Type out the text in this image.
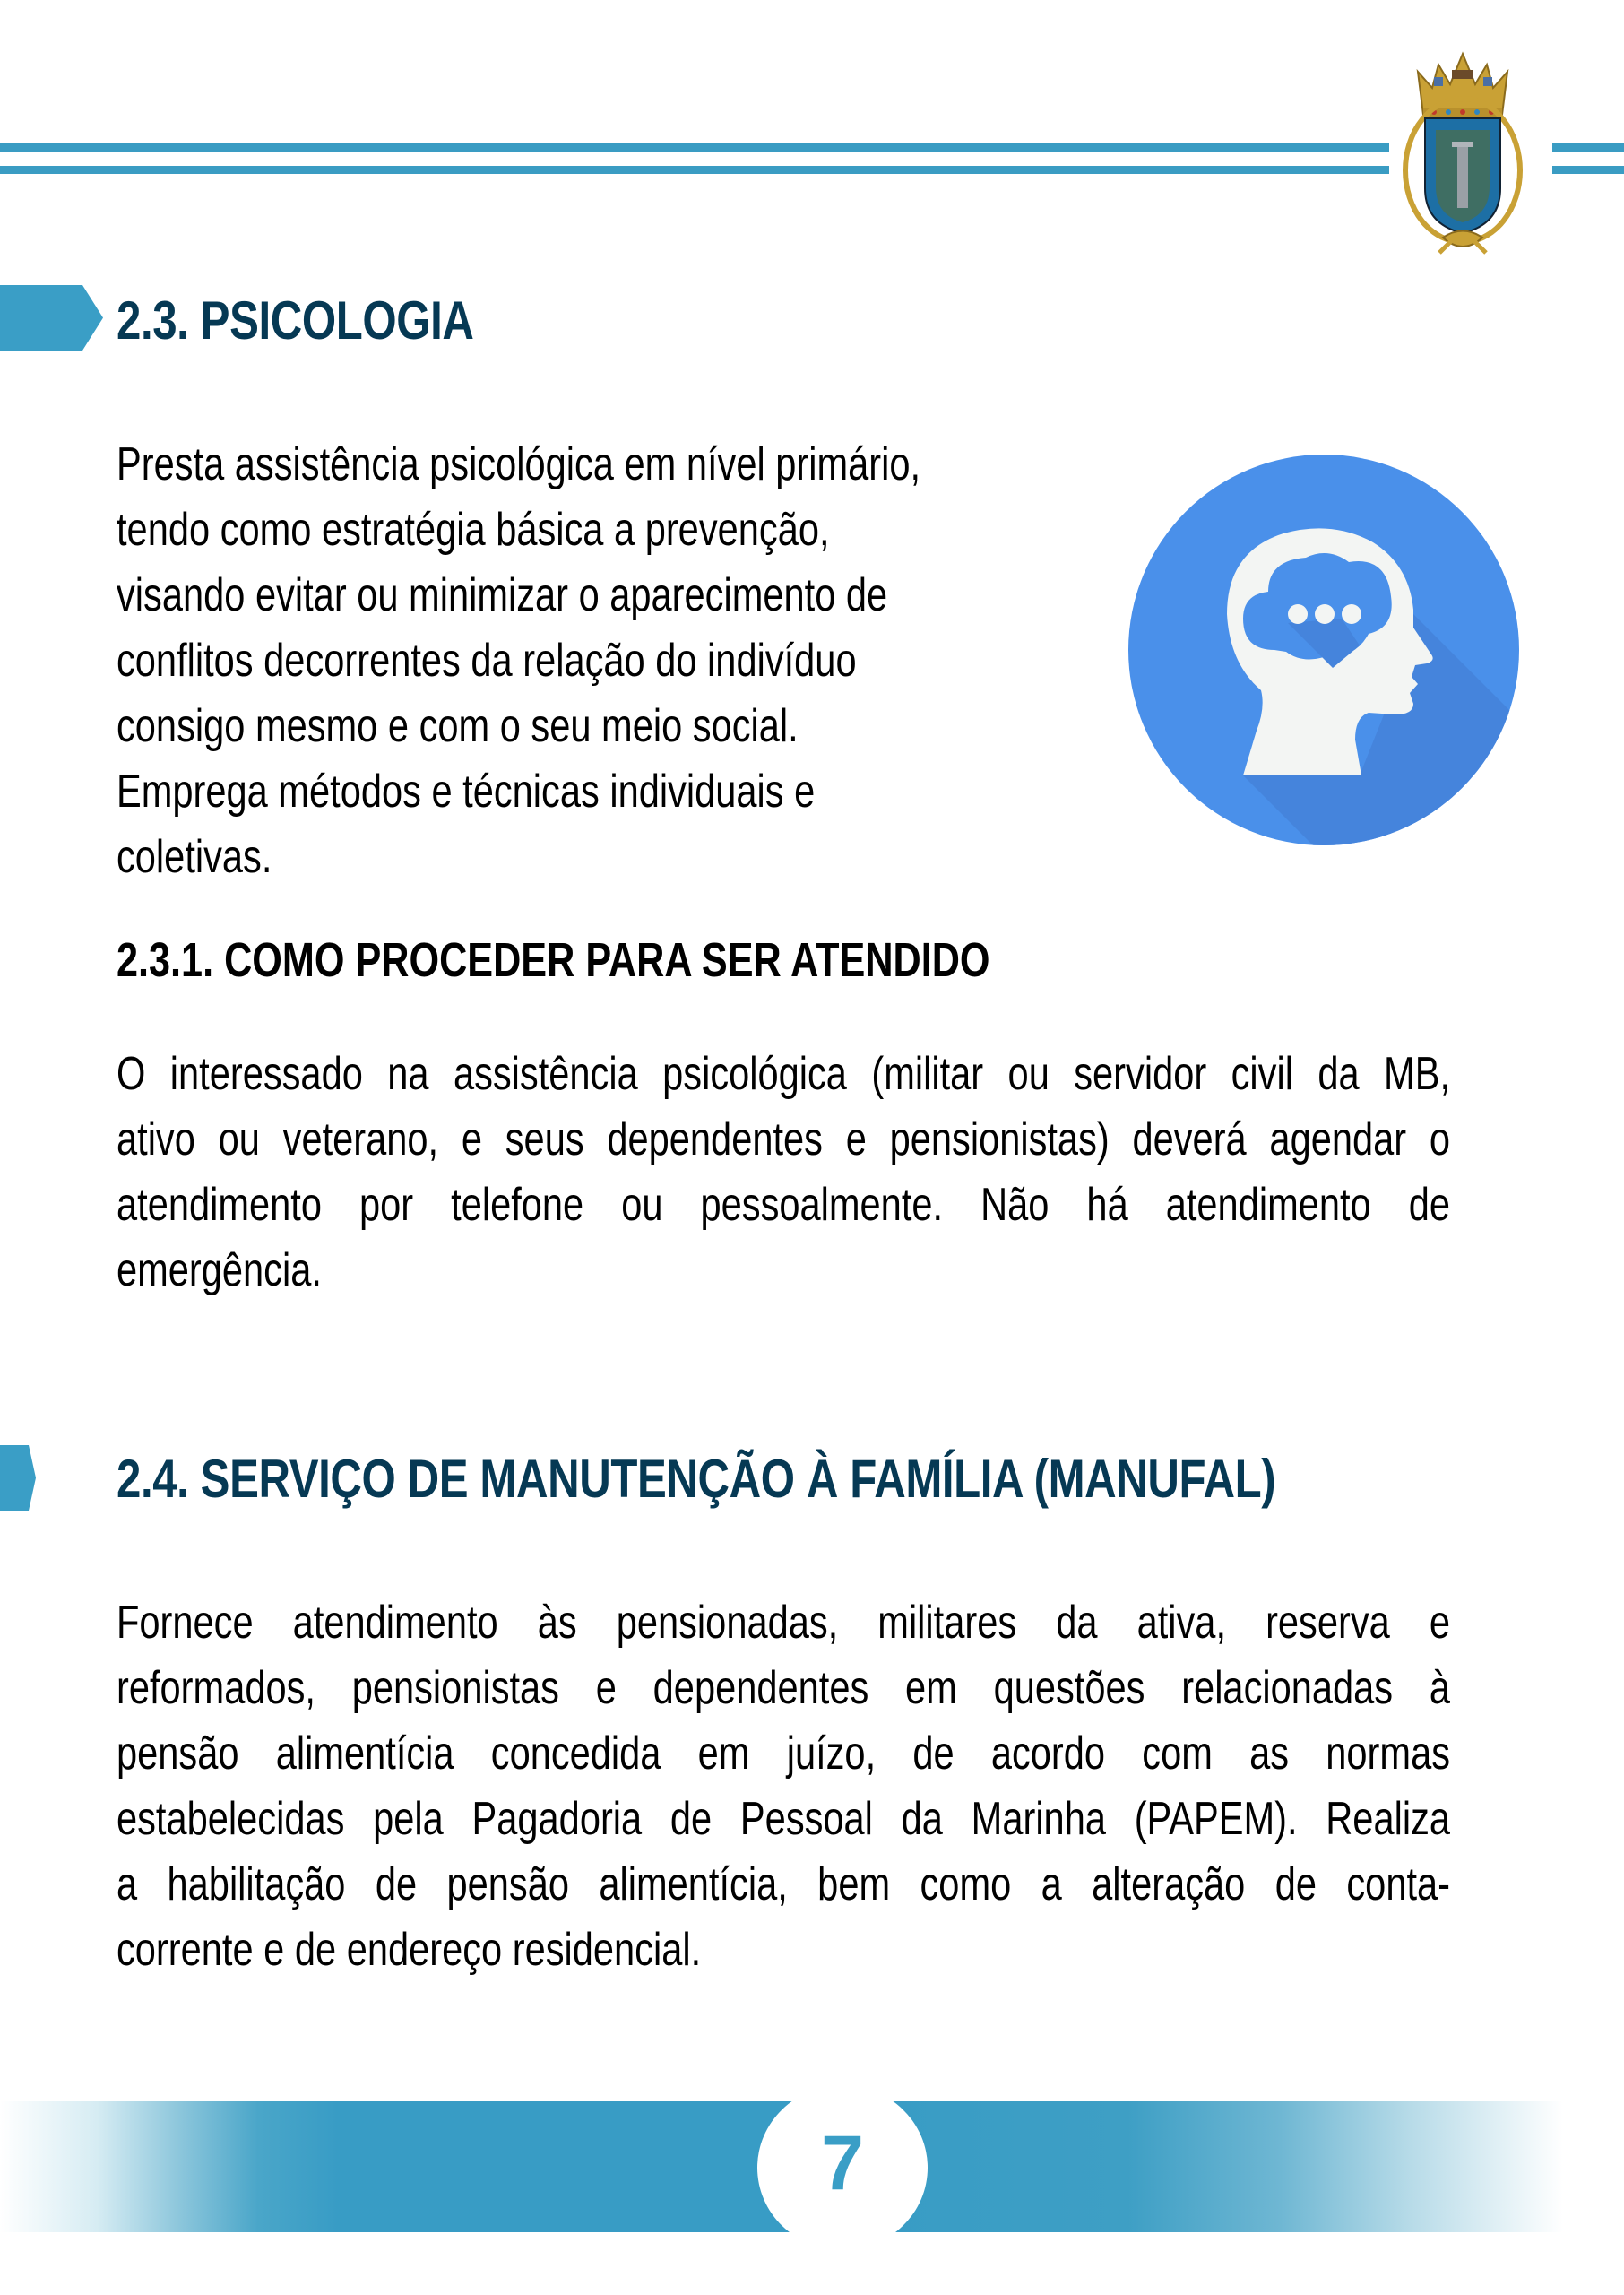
2.3. PSICOLOGIA
Presta assistência psicológica em nível primário,
tendo como estratégia básica a prevenção,
visando evitar ou minimizar o aparecimento de
conflitos decorrentes da relação do indivíduo
consigo mesmo e com o seu meio social.
Emprega métodos e técnicas individuais e
coletivas.
2.3.1. COMO PROCEDER PARA SER ATENDIDO
O interessado na assistência psicológica (militar ou servidor civil da MB,
ativo ou veterano, e seus dependentes e pensionistas) deverá agendar o
atendimento por telefone ou pessoalmente. Não há atendimento de
emergência.
2.4. SERVIÇO DE MANUTENÇÃO À FAMÍLIA (MANUFAL)
Fornece atendimento às pensionadas, militares da ativa, reserva e
reformados, pensionistas e dependentes em questões relacionadas à
pensão alimentícia concedida em juízo, de acordo com as normas
estabelecidas pela Pagadoria de Pessoal da Marinha (PAPEM). Realiza
a habilitação de pensão alimentícia, bem como a alteração de conta-
corrente e de endereço residencial.
7
